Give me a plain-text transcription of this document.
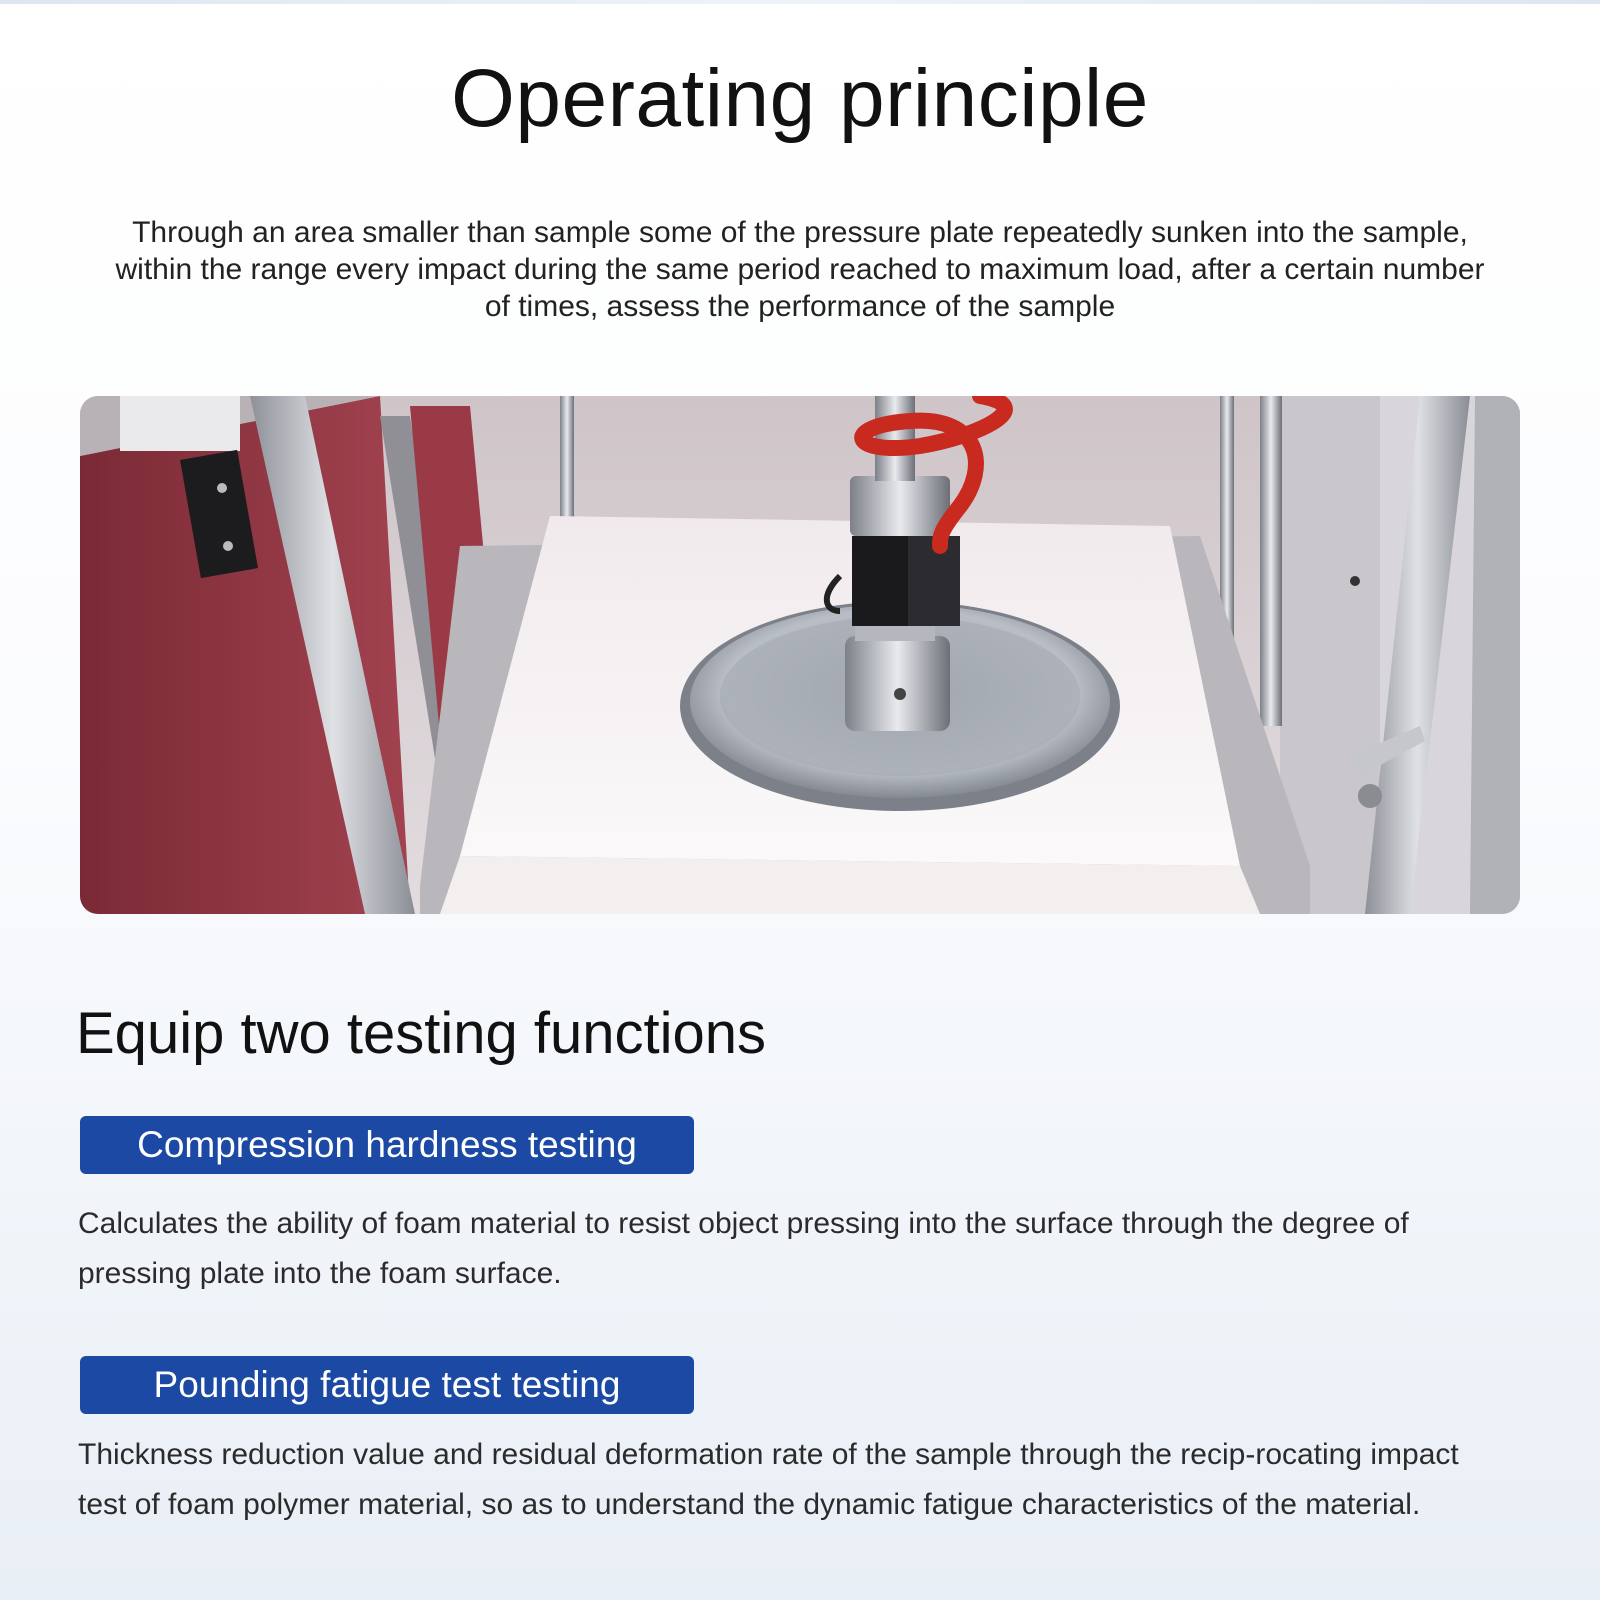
Operating principle

Through an area smaller than sample some of the pressure plate repeatedly sunken into the sample, within the range every impact during the same period reached to maximum load, after a certain number of times, assess the performance of the sample

Equip two testing functions
Compression hardness testing

Calculates the ability of foam material to resist object pressing into the surface through the degree of pressing plate into the foam surface.

Pounding fatigue test testing

Thickness reduction value and residual deformation rate of the sample through the recip-rocating impact test of foam polymer material, so as to understand the dynamic fatigue characteristics of the material.
